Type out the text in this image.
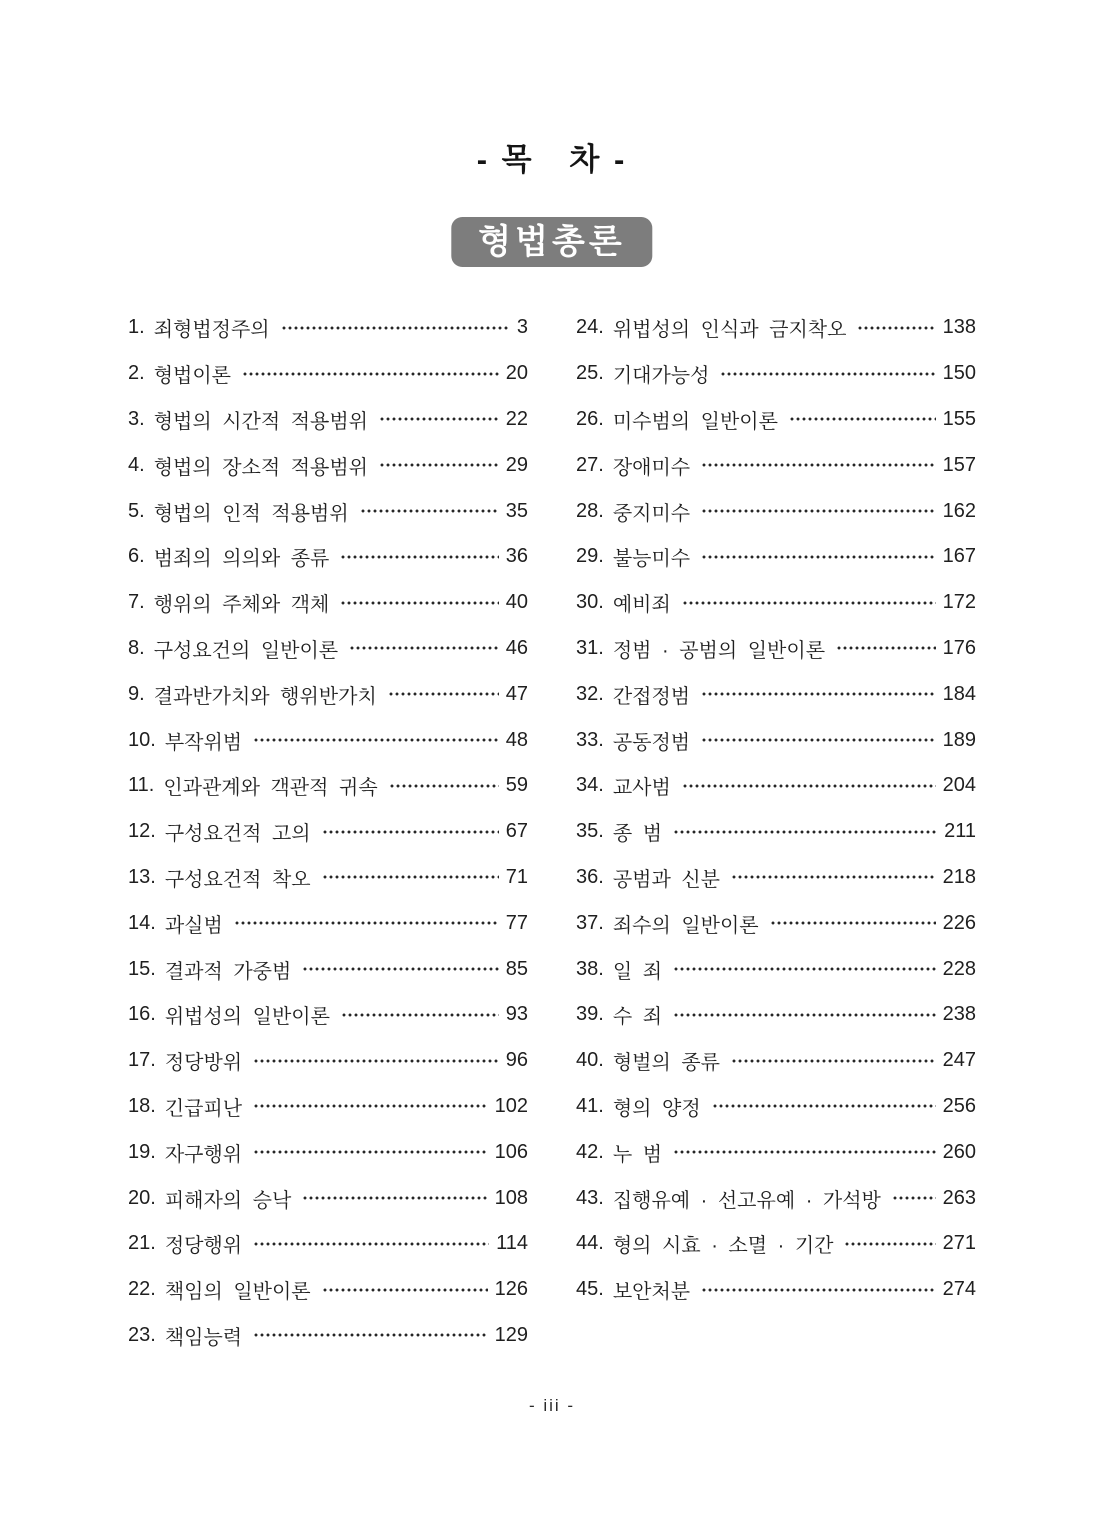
- 목   차 -
형법총론
1. 죄형법정주의	3
2. 형법이론	20
3. 형법의 시간적 적용범위	22
4. 형법의 장소적 적용범위	29
5. 형법의 인적 적용범위	35
6. 범죄의 의의와 종류	36
7. 행위의 주체와 객체	40
8. 구성요건의 일반이론	46
9. 결과반가치와 행위반가치	47
10. 부작위범	48
11. 인과관계와 객관적 귀속	59
12. 구성요건적 고의	67
13. 구성요건적 착오	71
14. 과실범	77
15. 결과적 가중범	85
16. 위법성의 일반이론	93
17. 정당방위	96
18. 긴급피난	102
19. 자구행위	106
20. 피해자의 승낙	108
21. 정당행위	114
22. 책임의 일반이론	126
23. 책임능력	129
24. 위법성의 인식과 금지착오	138
25. 기대가능성	150
26. 미수범의 일반이론	155
27. 장애미수	157
28. 중지미수	162
29. 불능미수	167
30. 예비죄	172
31. 정범 · 공범의 일반이론	176
32. 간접정범	184
33. 공동정범	189
34. 교사범	204
35. 종 범	211
36. 공범과 신분	218
37. 죄수의 일반이론	226
38. 일 죄	228
39. 수 죄	238
40. 형벌의 종류	247
41. 형의 양정	256
42. 누 범	260
43. 집행유예 · 선고유예 · 가석방	263
44. 형의 시효 · 소멸 · 기간	271
45. 보안처분	274
- iii -
